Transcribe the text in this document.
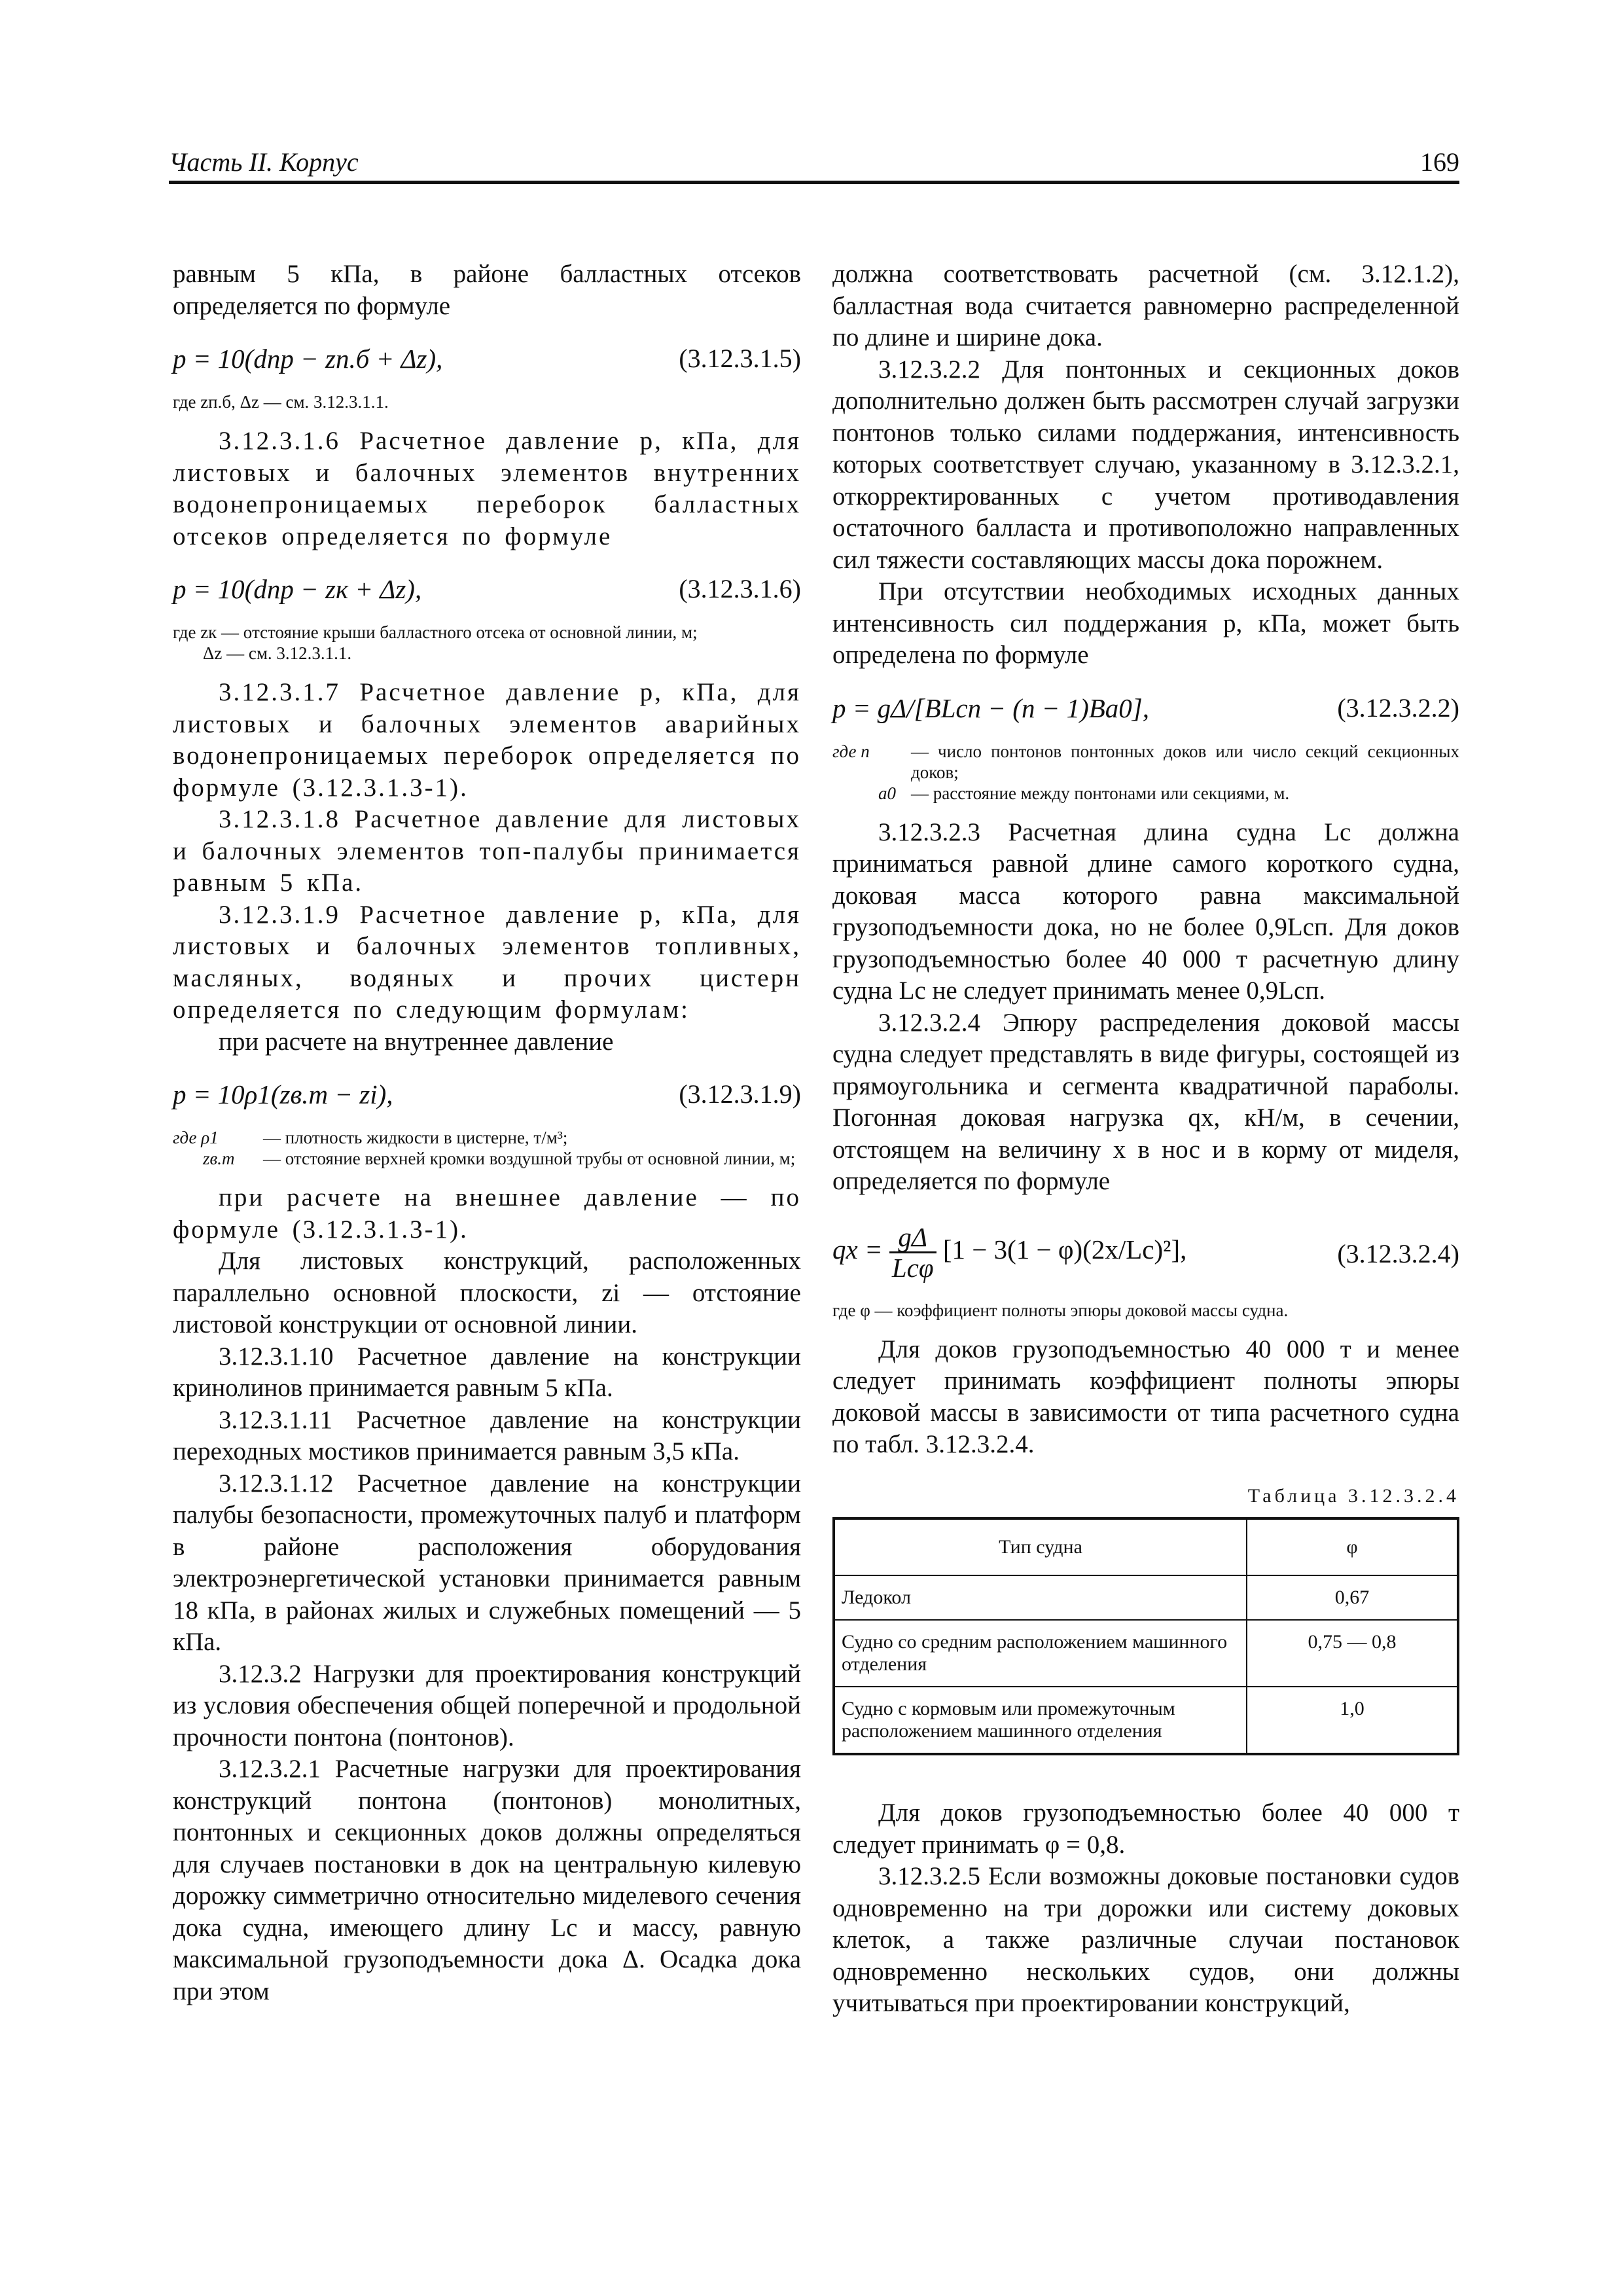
Часть II. Корпус	169

равным 5 кПа, в районе балластных отсеков определяется по формуле

p = 10(dпр − zп.б + Δz),	(3.12.3.1.5)
где zп.б, Δz — см. 3.12.3.1.1.

3.12.3.1.6 Расчетное давление p, кПа, для листовых и балочных элементов внутренних водонепроницаемых переборок балластных отсеков определяется по формуле

p = 10(dпр − zк + Δz),	(3.12.3.1.6)
где zк — отстояние крыши балластного отсека от основной линии, м;
Δz — см. 3.12.3.1.1.

3.12.3.1.7 Расчетное давление p, кПа, для листовых и балочных элементов аварийных водонепроницаемых переборок определяется по формуле (3.12.3.1.3-1).

3.12.3.1.8 Расчетное давление для листовых и балочных элементов топ-палубы принимается равным 5 кПа.

3.12.3.1.9 Расчетное давление p, кПа, для листовых и балочных элементов топливных, масляных, водяных и прочих цистерн определяется по следующим формулам:

при расчете на внутреннее давление

p = 10ρ1(zв.т − zi),	(3.12.3.1.9)
где ρ1	— плотность жидкости в цистерне, т/м³;
zв.т	— отстояние верхней кромки воздушной трубы от основной линии, м;

при расчете на внешнее давление — по формуле (3.12.3.1.3-1).

Для листовых конструкций, расположенных параллельно основной плоскости, zi — отстояние листовой конструкции от основной линии.

3.12.3.1.10 Расчетное давление на конструкции кринолинов принимается равным 5 кПа.

3.12.3.1.11 Расчетное давление на конструкции переходных мостиков принимается равным 3,5 кПа.

3.12.3.1.12 Расчетное давление на конструкции палубы безопасности, промежуточных палуб и платформ в районе расположения оборудования электроэнергетической установки принимается равным 18 кПа, в районах жилых и служебных помещений — 5 кПа.

3.12.3.2 Нагрузки для проектирования конструкций из условия обеспечения общей поперечной и продольной прочности понтона (понтонов).

3.12.3.2.1 Расчетные нагрузки для проектирования конструкций понтона (понтонов) монолитных, понтонных и секционных доков должны определяться для случаев постановки в док на центральную килевую дорожку симметрично относительно миделевого сечения дока судна, имеющего длину Lс и массу, равную максимальной грузоподъемности дока Δ. Осадка дока при этом

должна соответствовать расчетной (см. 3.12.1.2), балластная вода считается равномерно распределенной по длине и ширине дока.

3.12.3.2.2 Для понтонных и секционных доков дополнительно должен быть рассмотрен случай загрузки понтонов только силами поддержания, интенсивность которых соответствует случаю, указанному в 3.12.3.2.1, откорректированных с учетом противодавления остаточного балласта и противоположно направленных сил тяжести составляющих массы дока порожнем.

При отсутствии необходимых исходных данных интенсивность сил поддержания p, кПа, может быть определена по формуле

p = gΔ/[BLсп − (n − 1)Ba0],	(3.12.3.2.2)
где n	— число понтонов понтонных доков или число секций секционных доков;
a0 — расстояние между понтонами или секциями, м.

3.12.3.2.3 Расчетная длина судна Lс должна приниматься равной длине самого короткого судна, доковая масса которого равна максимальной грузоподъемности дока, но не более 0,9Lсп. Для доков грузоподъемностью более 40 000 т расчетную длину судна Lс не следует принимать менее 0,9Lсп.

3.12.3.2.4 Эпюру распределения доковой массы судна следует представлять в виде фигуры, состоящей из прямоугольника и сегмента квадратичной параболы. Погонная доковая нагрузка qx, кН/м, в сечении, отстоящем на величину x в нос и в корму от миделя, определяется по формуле

qx = $\frac{g\Delta}{\text{Lсφ}} [1 - 3(1 - \varphi)(2x/Lс)^2]$,	(3.12.3.2.4)
где φ — коэффициент полноты эпюры доковой массы судна.

Для доков грузоподъемностью 40 000 т и менее следует принимать коэффициент полноты эпюры доковой массы в зависимости от типа расчетного судна по табл. 3.12.3.2.4.

Таблица 3.12.3.2.4
Тип судна	φ
Ледокол	0,67
Судно со средним расположением машинного отделения	0,75 — 0,8
Судно с кормовым или промежуточным расположением машинного отделения	1,0

Для доков грузоподъемностью более 40 000 т следует принимать φ = 0,8.

3.12.3.2.5 Если возможны доковые постановки судов одновременно на три дорожки или систему доковых клеток, а также различные случаи постановок одновременно нескольких судов, они должны учитываться при проектировании конструкций,
